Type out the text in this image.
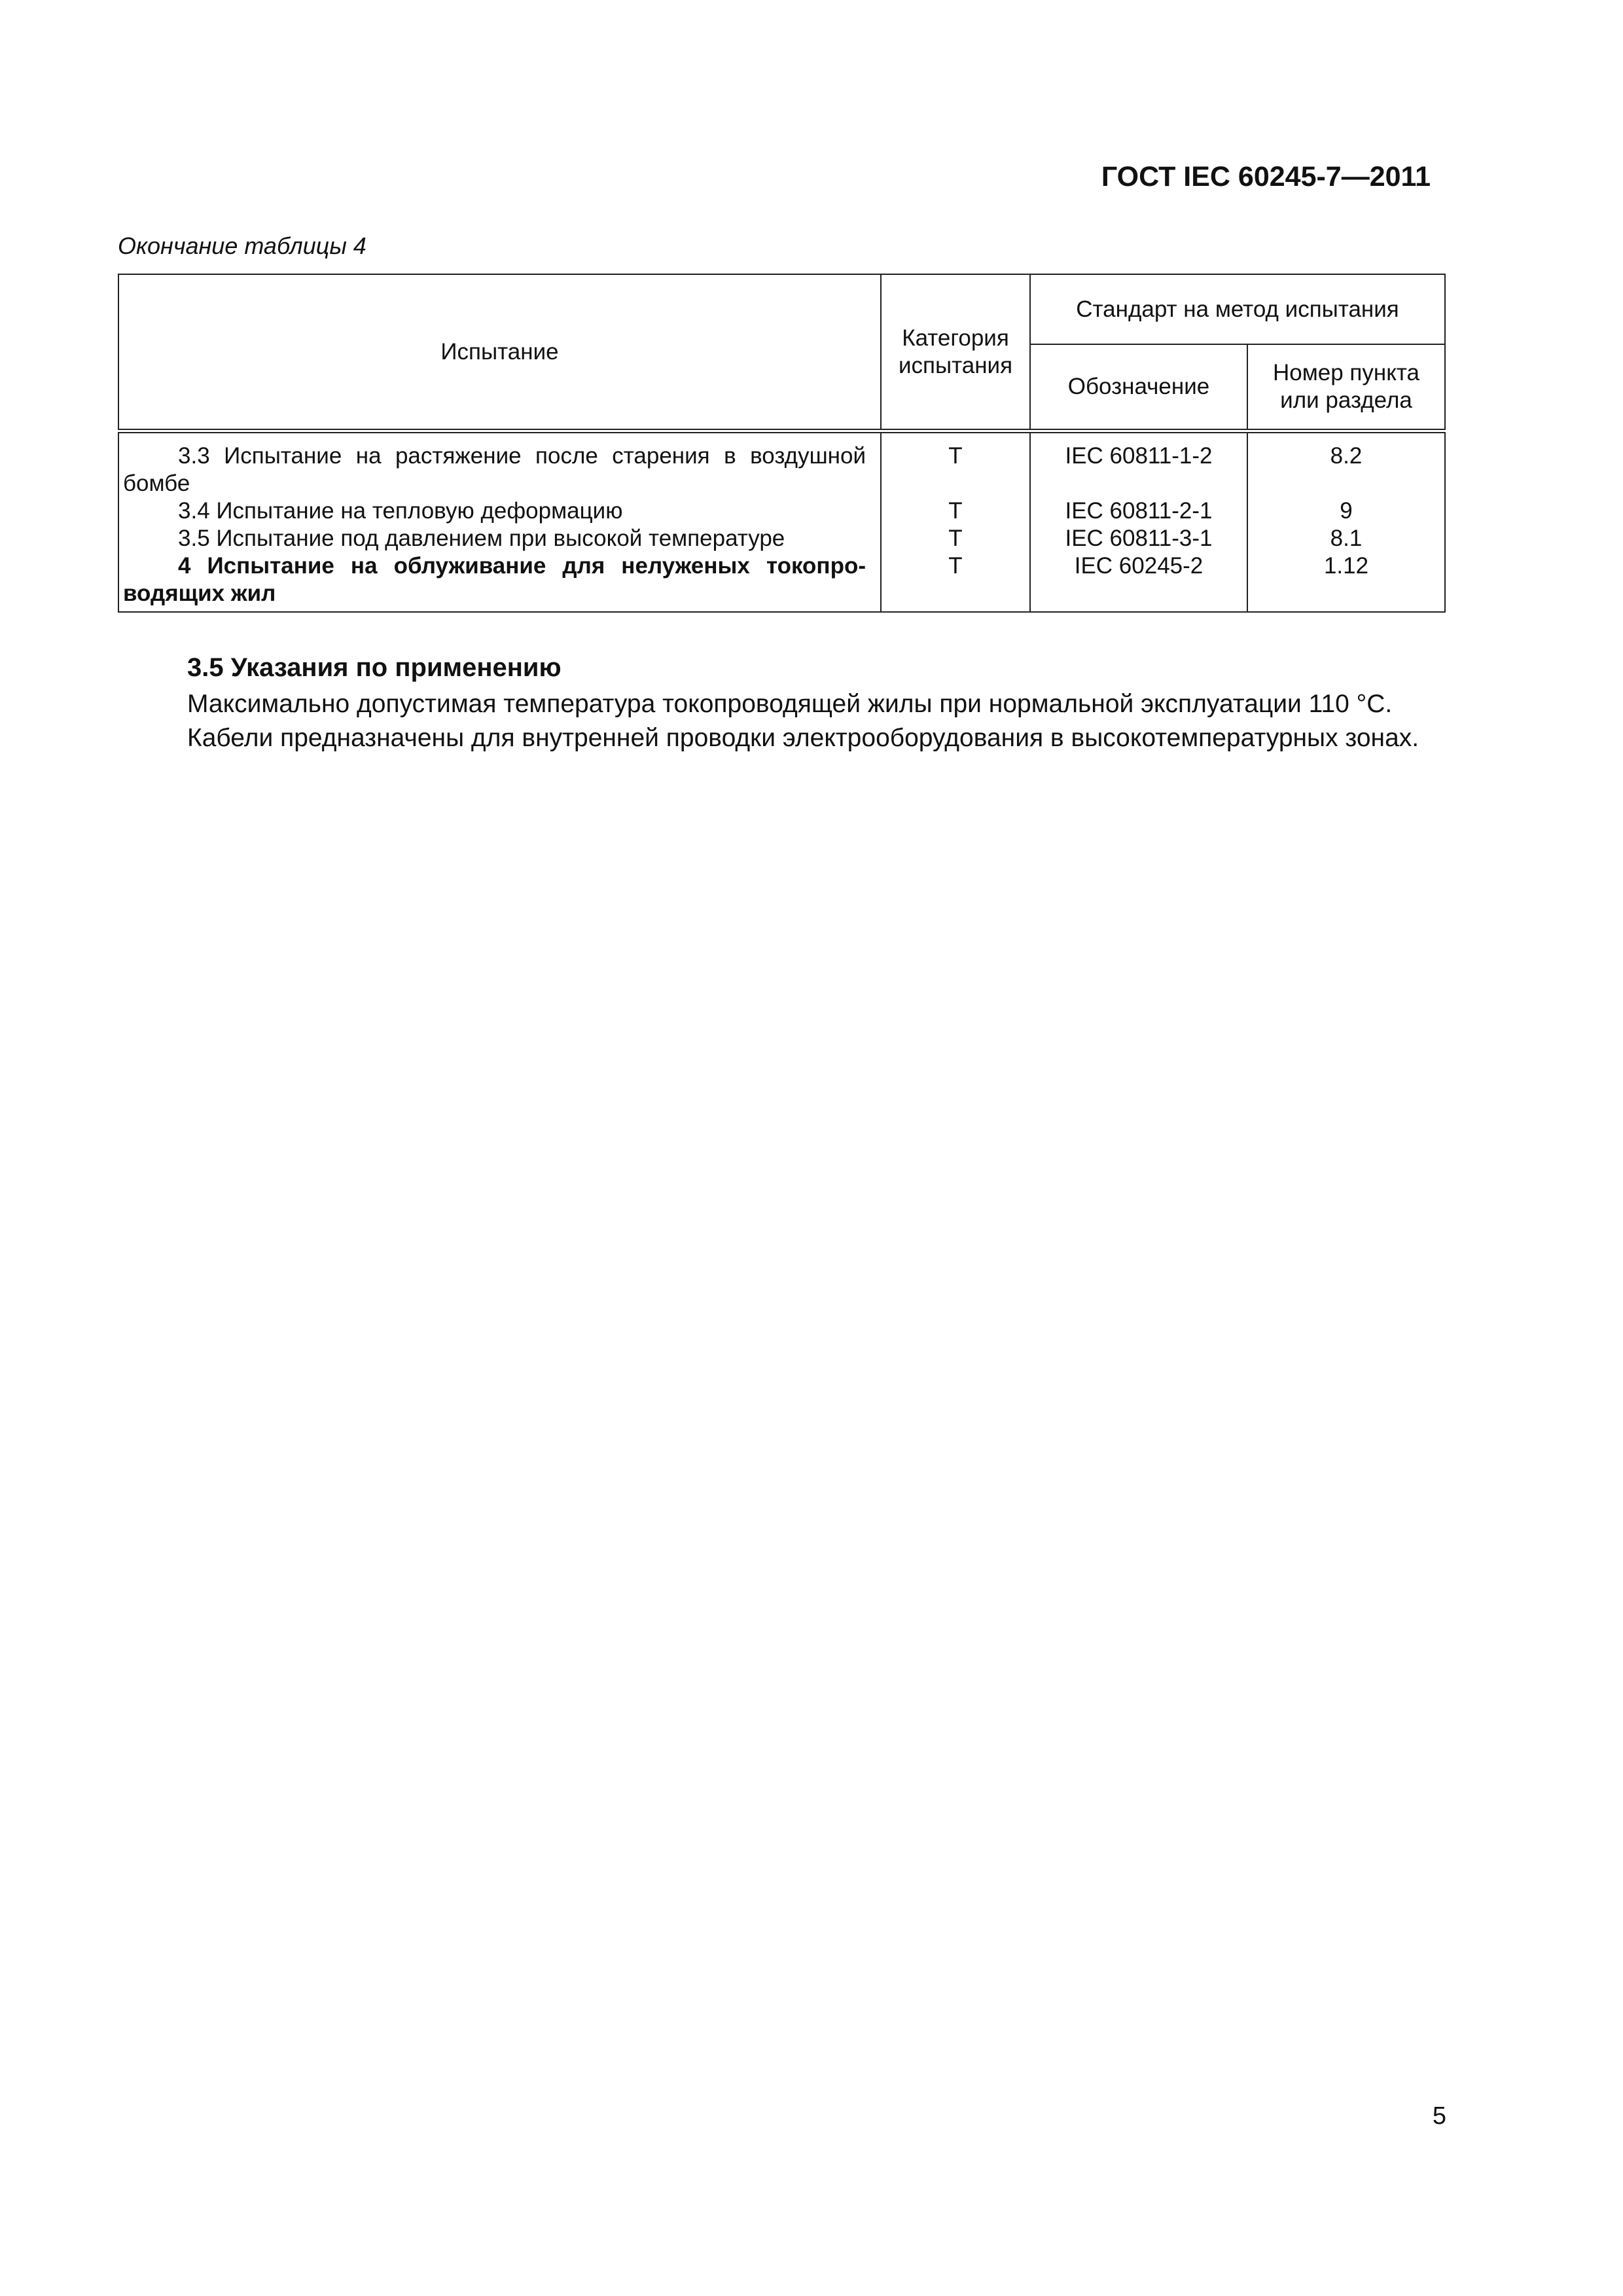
ГОСТ IEC 60245-7—2011
Окончание таблицы 4
Испытание	Категория испытания	Стандарт на метод испытания	
		Обозначение	Номер пункта или раздела

3.3 Испытание на растяжение после старения в воздушной бомбе	Т	IEC 60811-1-2	8.2

3.4 Испытание на тепловую деформацию	Т	IEC 60811-2-1	9

3.5 Испытание под давлением при высокой температуре	Т	IEC 60811-3-1	8.1

4 Испытание на облуживание для нелуженых токопроводящих жил	Т	IEC 60245-2	1.12
3.5 Указания по применению

Максимально допустимая температура токопроводящей жилы при нормальной эксплуатации 110 °С.

Кабели предназначены для внутренней проводки электрооборудования в высокотемпературных зонах.

5
